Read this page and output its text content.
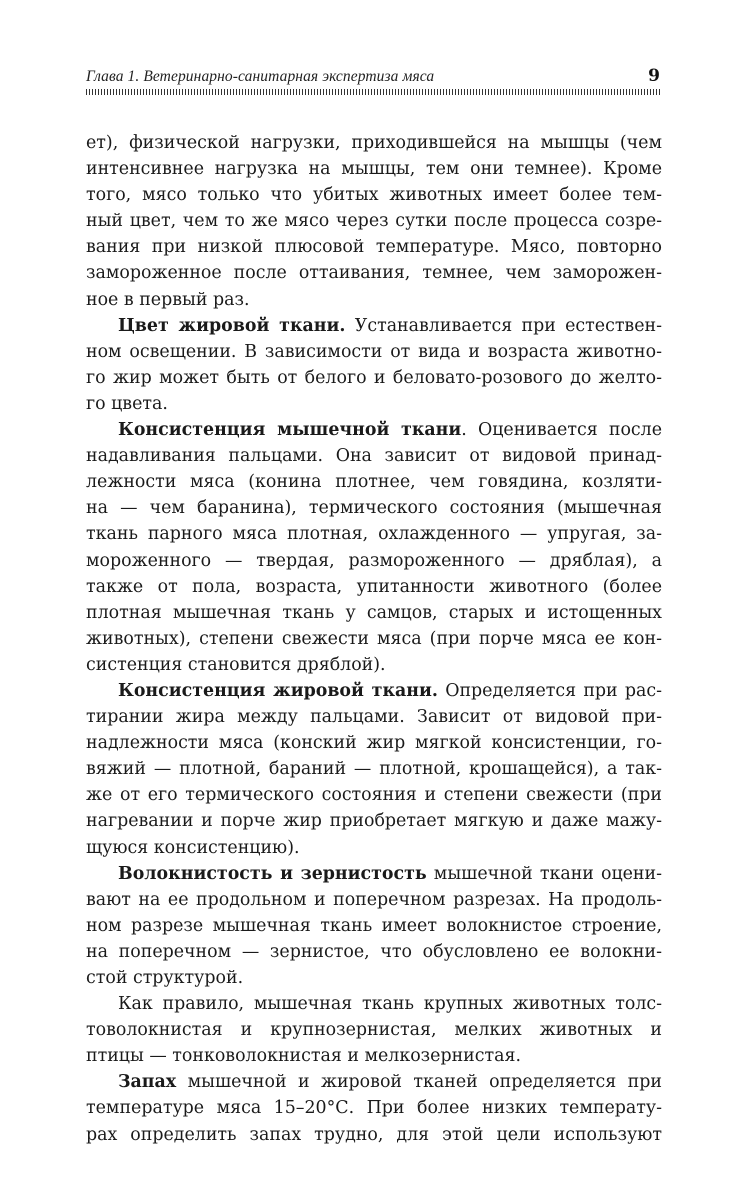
Глава 1. Ветеринарно-санитарная экспертиза мяса	9
ет), физической нагрузки, приходившейся на мышцы (чем
интенсивнее нагрузка на мышцы, тем они темнее). Кроме
того, мясо только что убитых животных имеет более тем-
ный цвет, чем то же мясо через сутки после процесса созре-
вания при низкой плюсовой температуре. Мясо, повторно
замороженное после оттаивания, темнее, чем заморожен-
ное в первый раз.
Цвет жировой ткани. Устанавливается при естествен-
ном освещении. В зависимости от вида и возраста животно-
го жир может быть от белого и беловато-розового до желто-
го цвета.
Консистенция мышечной ткани. Оценивается после
надавливания пальцами. Она зависит от видовой принад-
лежности мяса (конина плотнее, чем говядина, козляти-
на — чем баранина), термического состояния (мышечная
ткань парного мяса плотная, охлажденного — упругая, за-
мороженного — твердая, размороженного — дряблая), а
также от пола, возраста, упитанности животного (более
плотная мышечная ткань у самцов, старых и истощенных
животных), степени свежести мяса (при порче мяса ее кон-
систенция становится дряблой).
Консистенция жировой ткани. Определяется при рас-
тирании жира между пальцами. Зависит от видовой при-
надлежности мяса (конский жир мягкой консистенции, го-
вяжий — плотной, бараний — плотной, крошащейся), а так-
же от его термического состояния и степени свежести (при
нагревании и порче жир приобретает мягкую и даже мажу-
щуюся консистенцию).
Волокнистость и зернистость мышечной ткани оцени-
вают на ее продольном и поперечном разрезах. На продоль-
ном разрезе мышечная ткань имеет волокнистое строение,
на поперечном — зернистое, что обусловлено ее волокни-
стой структурой.
Как правило, мышечная ткань крупных животных толс-
товолокнистая и крупнозернистая, мелких животных и
птицы — тонковолокнистая и мелкозернистая.
Запах мышечной и жировой тканей определяется при
температуре мяса 15–20°С. При более низких температу-
рах определить запах трудно, для этой цели используют
